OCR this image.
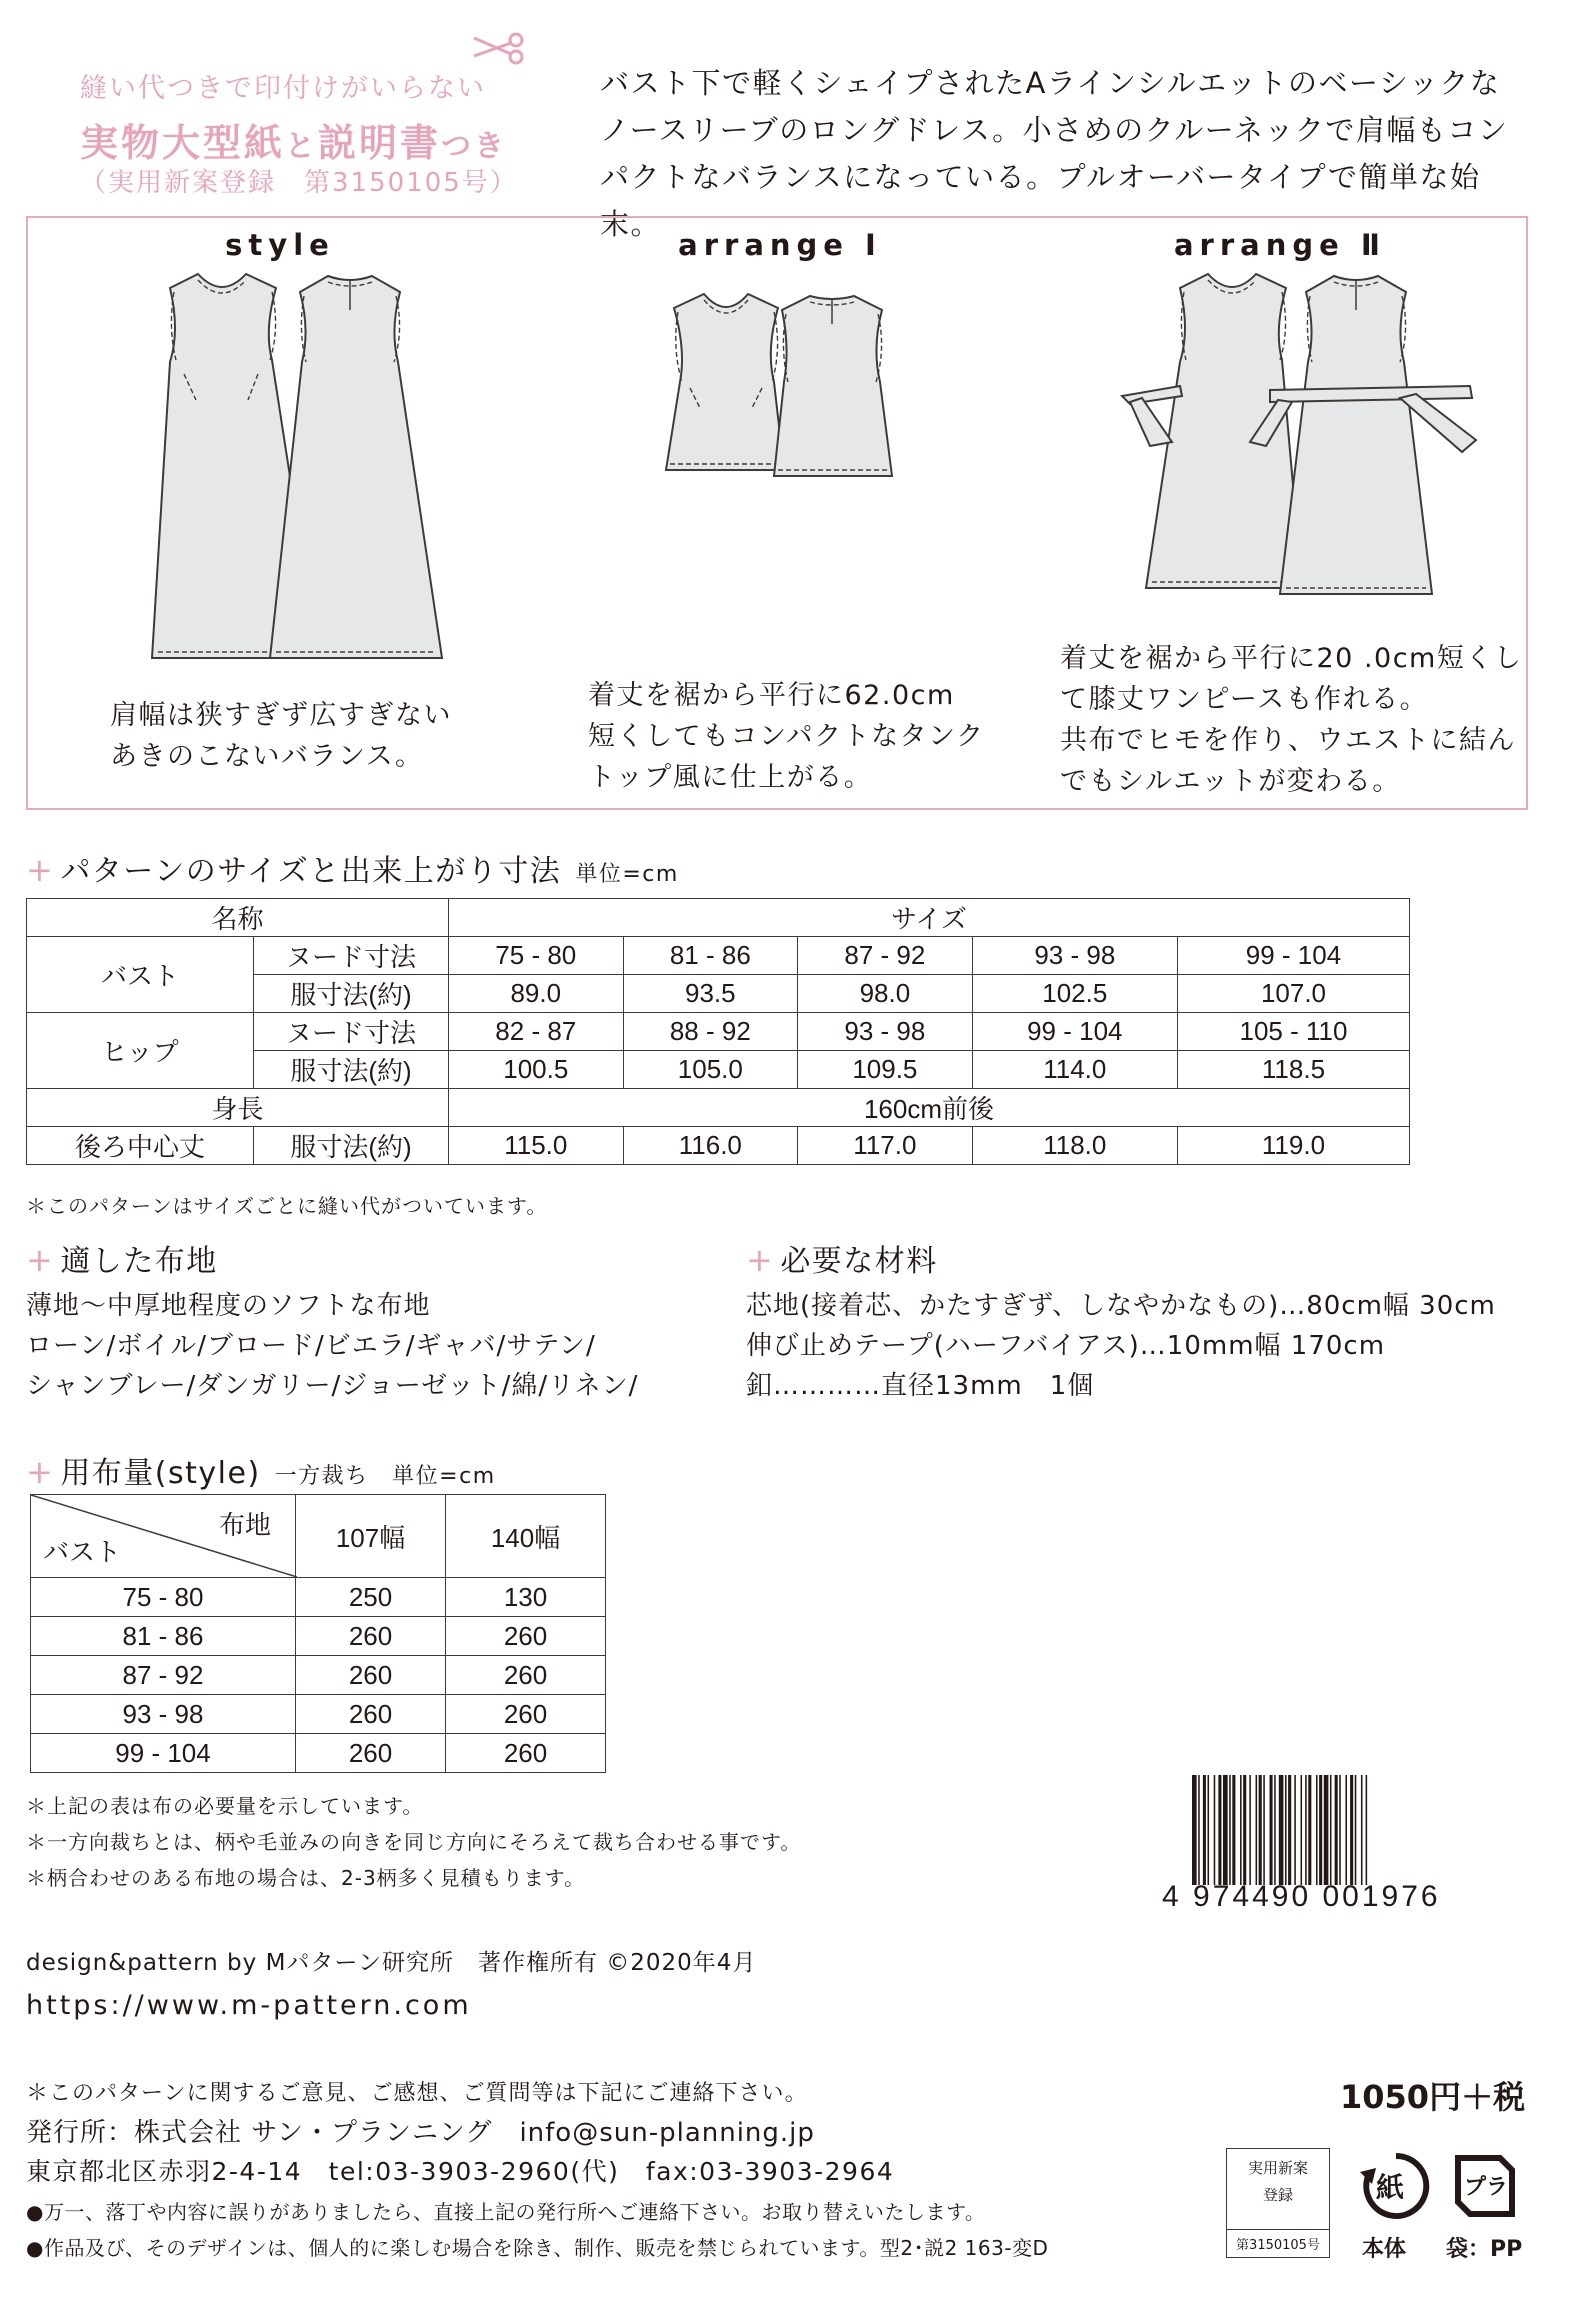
縫い代つきで印付けがいらない
実物大型紙と説明書つき
（実用新案登録　第3150105号）
バスト下で軽くシェイプされたAラインシルエットのベーシックな
ノースリーブのロングドレス。小さめのクルーネックで肩幅もコン
パクトなバランスになっている。プルオーバータイプで簡単な始末。
style	arrange Ⅰ	arrange Ⅱ
肩幅は狭すぎず広すぎない
あきのこないバランス。
着丈を裾から平行に62.0cm
短くしてもコンパクトなタンク
トップ風に仕上がる。
着丈を裾から平行に20 .0cm短くし
て膝丈ワンピースも作れる。
共布でヒモを作り、ウエストに結ん
でもシルエットが変わる。
+ パターンのサイズと出来上がり寸法 単位=cm
名称		サイズ				
バスト	ヌード寸法	75 - 80	81 - 86	87 - 92	93 - 98	99 - 104
	服寸法(約)	89.0	93.5	98.0	102.5	107.0
ヒップ	ヌード寸法	82 - 87	88 - 92	93 - 98	99 - 104	105 - 110
	服寸法(約)	100.5	105.0	109.5	114.0	118.5
身長		160cm前後				
後ろ中心丈	服寸法(約)	115.0	116.0	117.0	118.0	119.0
＊このパターンはサイズごとに縫い代がついています。
+ 適した布地
薄地〜中厚地程度のソフトな布地
ローン/ボイル/ブロード/ビエラ/ギャバ/サテン/
シャンブレー/ダンガリー/ジョーゼット/綿/リネン/
+ 必要な材料
芯地(接着芯、かたすぎず、しなやかなもの)…80cm幅 30cm
伸び止めテープ(ハーフバイアス)…10mm幅 170cm
釦…………直径13mm　1個
+ 用布量(style) 一方裁ち　単位=cm
布地
バスト	107幅	140幅
75 - 80	250	130
81 - 86	260	260
87 - 92	260	260
93 - 98	260	260
99 - 104	260	260
＊上記の表は布の必要量を示しています。
＊一方向裁ちとは、柄や毛並みの向きを同じ方向にそろえて裁ち合わせる事です。
＊柄合わせのある布地の場合は、2-3柄多く見積もります。
4 974490 001976
design&pattern by Mパターン研究所　著作権所有 ©2020年4月
https://www.m-pattern.com
＊このパターンに関するご意見、ご感想、ご質問等は下記にご連絡下さい。
発行所：株式会社 サン・プランニング　info@sun-planning.jp
東京都北区赤羽2-4-14　tel:03-3903-2960(代)　fax:03-3903-2964
●万一、落丁や内容に誤りがありましたら、直接上記の発行所へご連絡下さい。お取り替えいたします。
●作品及び、そのデザインは、個人的に楽しむ場合を除き、制作、販売を禁じられています。型2･説2 163-変D
1050円＋税
実用新案
登録
第3150105号
紙
本体
プラ
袋：PP
